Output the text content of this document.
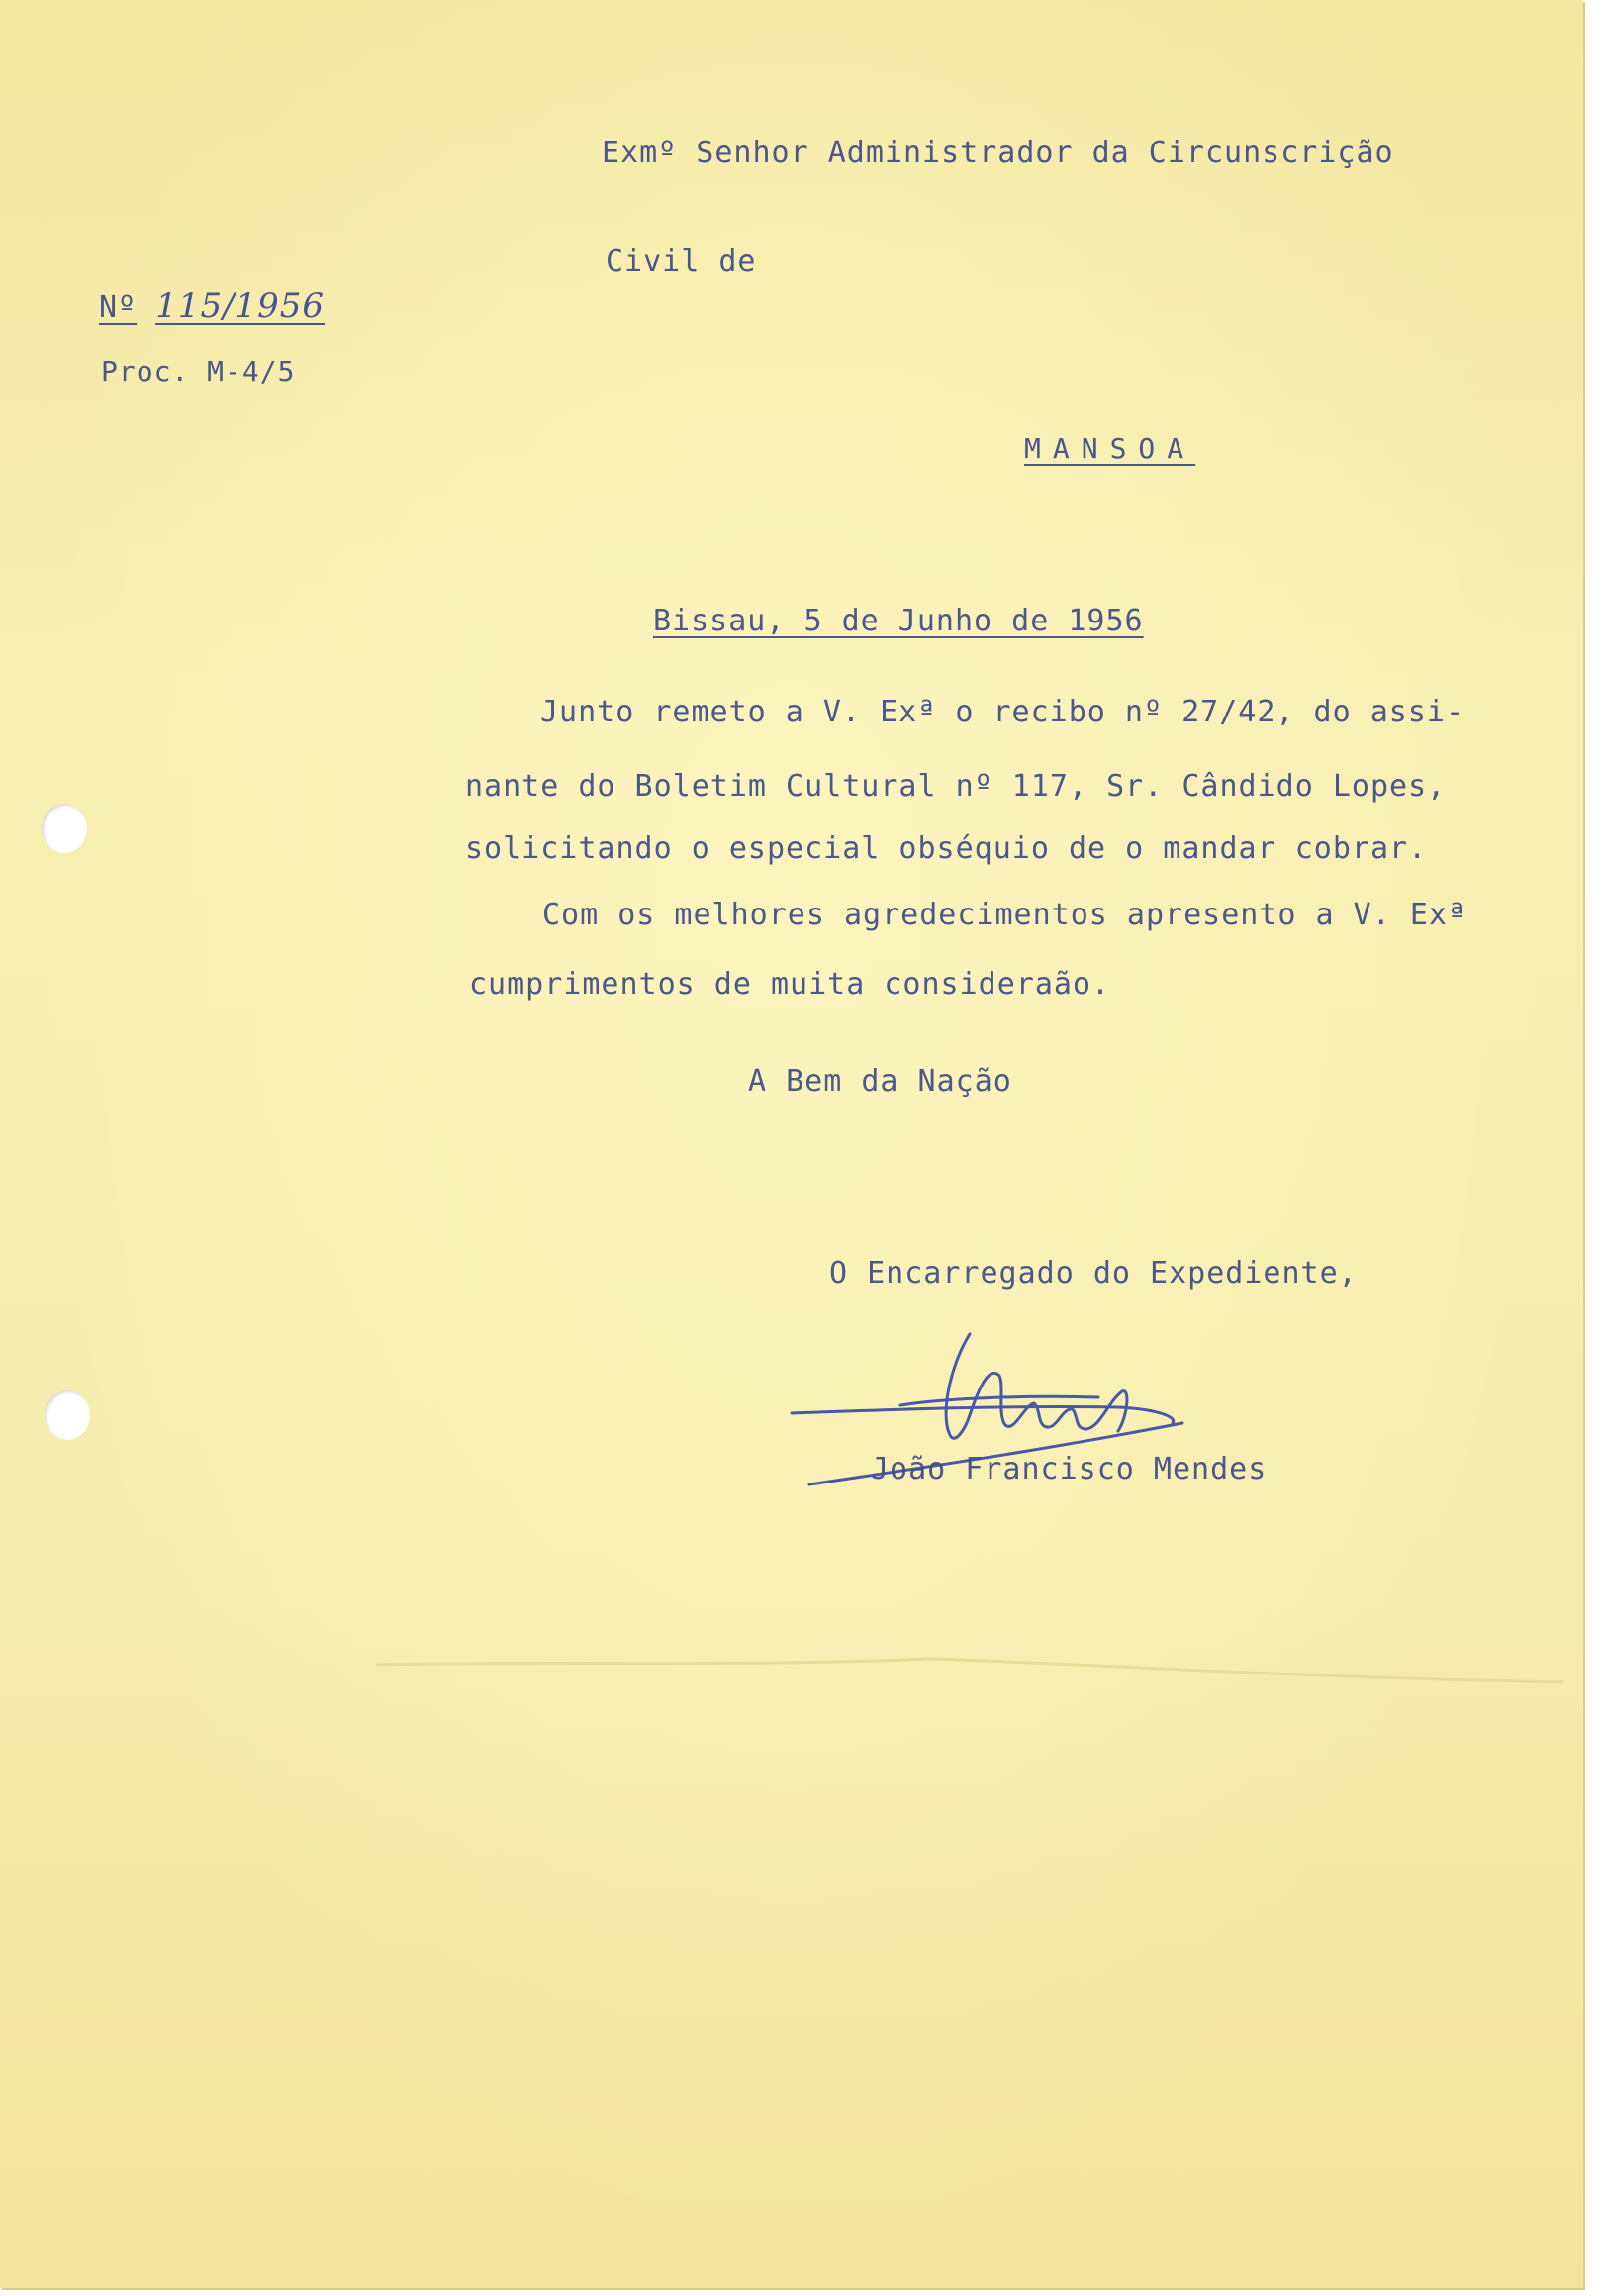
Exmº Senhor Administrador da Circunscrição
Civil de
Nº 115/1956
Proc. M-4/5
MANSOA
Bissau, 5 de Junho de 1956
Junto remeto a V. Exª o recibo nº 27/42, do assi-
nante do Boletim Cultural nº 117, Sr. Cândido Lopes,
solicitando o especial obséquio de o mandar cobrar.
Com os melhores agredecimentos apresento a V. Exª
cumprimentos de muita consideraão.
A Bem da Nação
O Encarregado do Expediente,
João Francisco Mendes
